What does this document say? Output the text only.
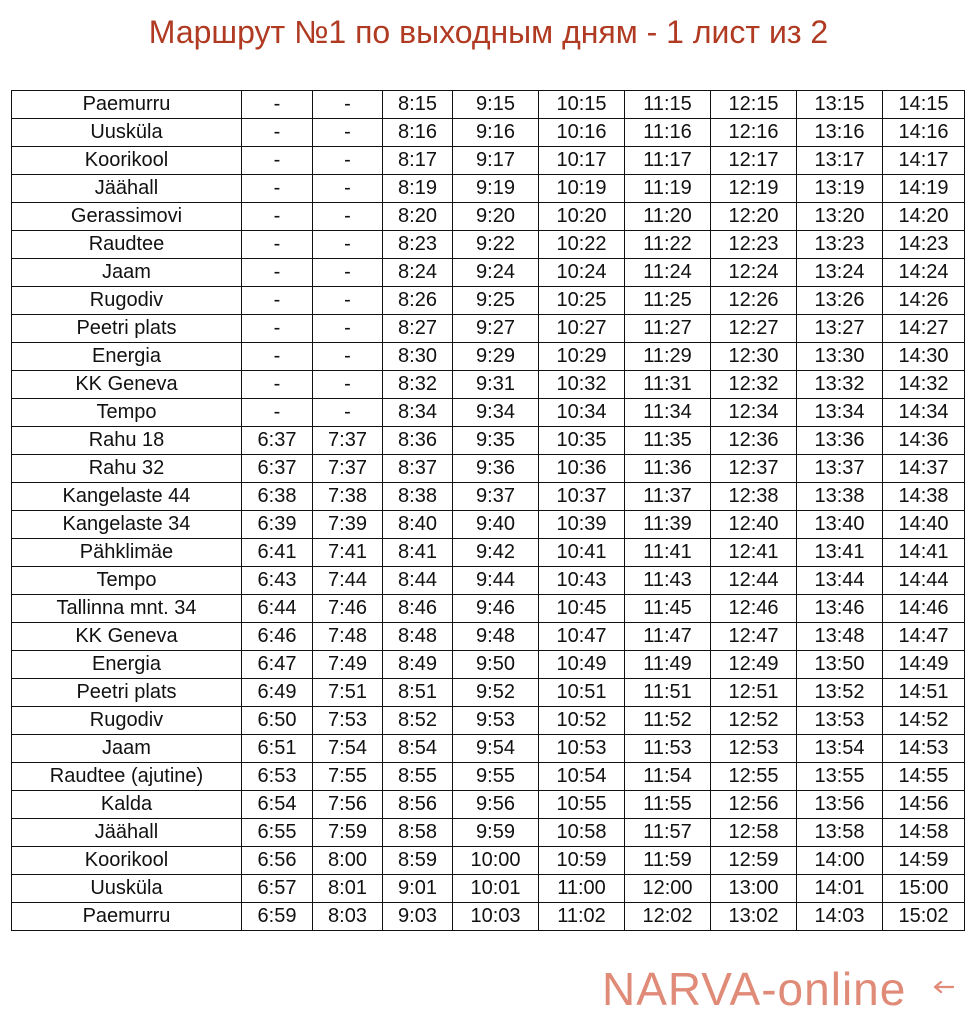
Маршрут №1 по выходным дням - 1 лист из 2
Paemurru	-	-	8:15	9:15	10:15	11:15	12:15	13:15	14:15
Uusküla	-	-	8:16	9:16	10:16	11:16	12:16	13:16	14:16
Koorikool	-	-	8:17	9:17	10:17	11:17	12:17	13:17	14:17
Jäähall	-	-	8:19	9:19	10:19	11:19	12:19	13:19	14:19
Gerassimovi	-	-	8:20	9:20	10:20	11:20	12:20	13:20	14:20
Raudtee	-	-	8:23	9:22	10:22	11:22	12:23	13:23	14:23
Jaam	-	-	8:24	9:24	10:24	11:24	12:24	13:24	14:24
Rugodiv	-	-	8:26	9:25	10:25	11:25	12:26	13:26	14:26
Peetri plats	-	-	8:27	9:27	10:27	11:27	12:27	13:27	14:27
Energia	-	-	8:30	9:29	10:29	11:29	12:30	13:30	14:30
KK Geneva	-	-	8:32	9:31	10:32	11:31	12:32	13:32	14:32
Tempo	-	-	8:34	9:34	10:34	11:34	12:34	13:34	14:34
Rahu 18	6:37	7:37	8:36	9:35	10:35	11:35	12:36	13:36	14:36
Rahu 32	6:37	7:37	8:37	9:36	10:36	11:36	12:37	13:37	14:37
Kangelaste 44	6:38	7:38	8:38	9:37	10:37	11:37	12:38	13:38	14:38
Kangelaste 34	6:39	7:39	8:40	9:40	10:39	11:39	12:40	13:40	14:40
Pähklimäe	6:41	7:41	8:41	9:42	10:41	11:41	12:41	13:41	14:41
Tempo	6:43	7:44	8:44	9:44	10:43	11:43	12:44	13:44	14:44
Tallinna mnt. 34	6:44	7:46	8:46	9:46	10:45	11:45	12:46	13:46	14:46
KK Geneva	6:46	7:48	8:48	9:48	10:47	11:47	12:47	13:48	14:47
Energia	6:47	7:49	8:49	9:50	10:49	11:49	12:49	13:50	14:49
Peetri plats	6:49	7:51	8:51	9:52	10:51	11:51	12:51	13:52	14:51
Rugodiv	6:50	7:53	8:52	9:53	10:52	11:52	12:52	13:53	14:52
Jaam	6:51	7:54	8:54	9:54	10:53	11:53	12:53	13:54	14:53
Raudtee (ajutine)	6:53	7:55	8:55	9:55	10:54	11:54	12:55	13:55	14:55
Kalda	6:54	7:56	8:56	9:56	10:55	11:55	12:56	13:56	14:56
Jäähall	6:55	7:59	8:58	9:59	10:58	11:57	12:58	13:58	14:58
Koorikool	6:56	8:00	8:59	10:00	10:59	11:59	12:59	14:00	14:59
Uusküla	6:57	8:01	9:01	10:01	11:00	12:00	13:00	14:01	15:00
Paemurru	6:59	8:03	9:03	10:03	11:02	12:02	13:02	14:03	15:02
NARVA-online
